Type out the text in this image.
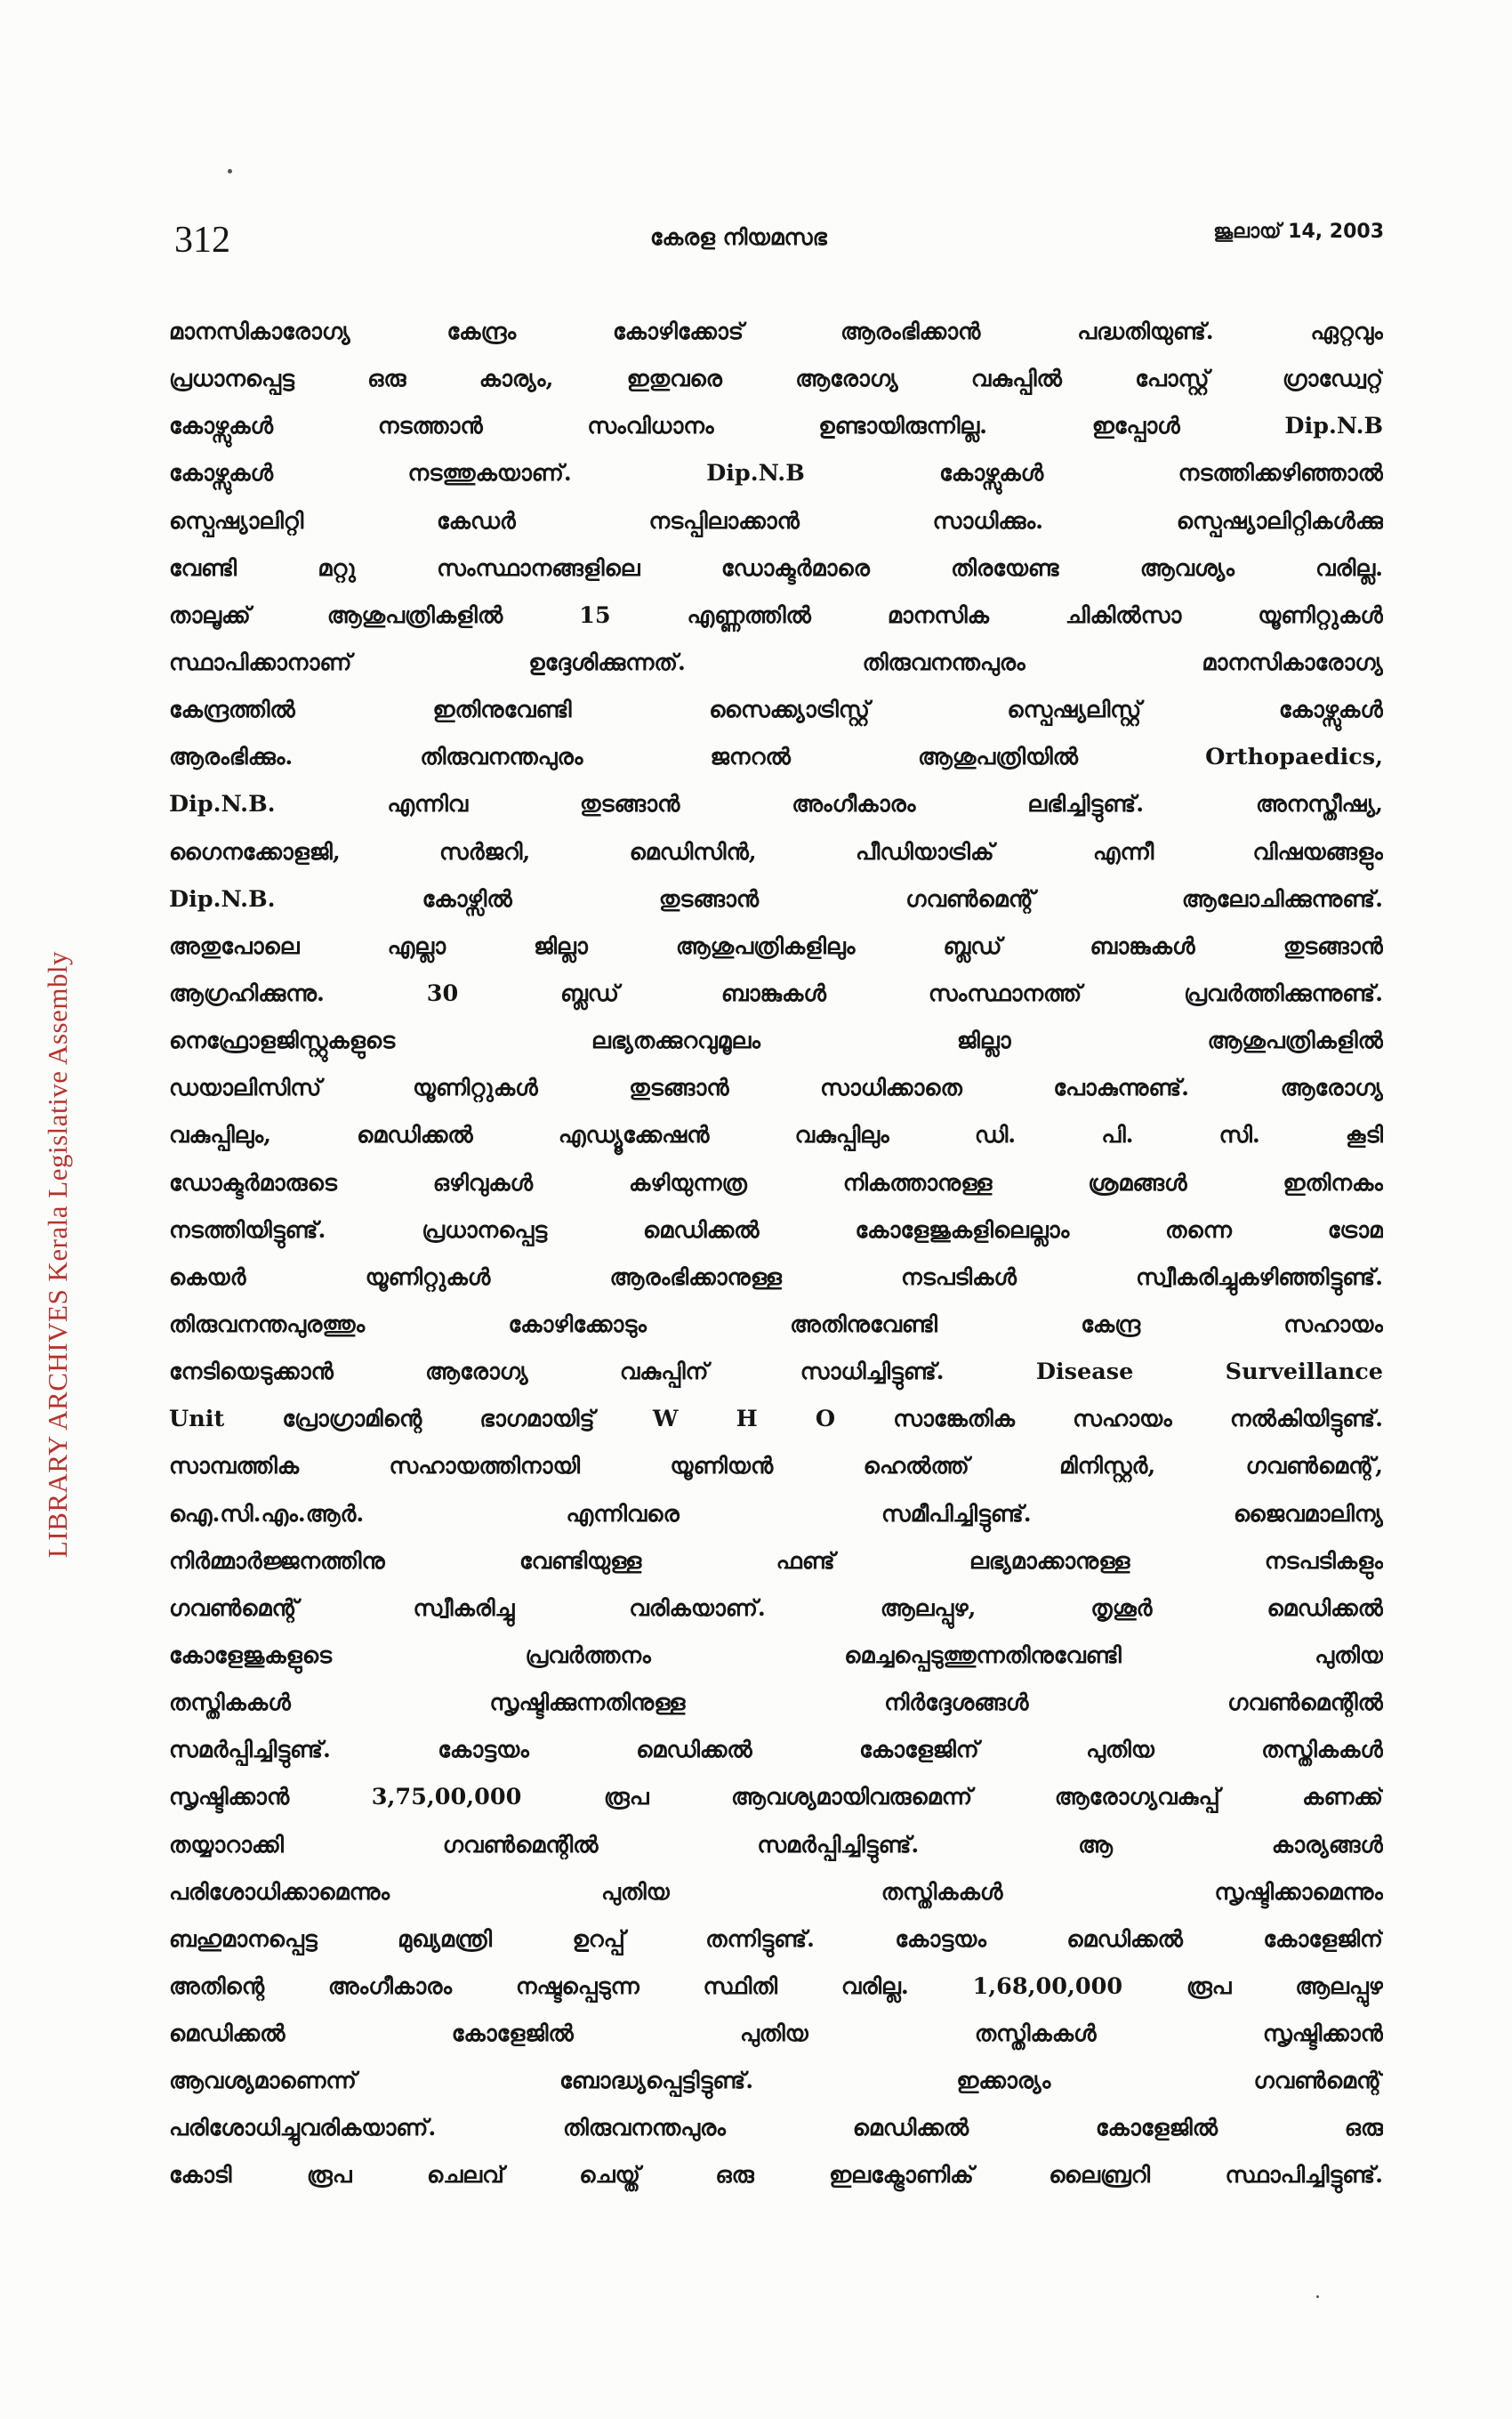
LIBRARY ARCHIVES Kerala Legislative Assembly
312	കേരള നിയമസഭ	ജൂലായ് 14, 2003
മാനസികാരോഗ്യ കേന്ദ്രം കോഴിക്കോട് ആരംഭിക്കാൻ പദ്ധതിയുണ്ട്. ഏറ്റവും
പ്രധാനപ്പെട്ട ഒരു കാര്യം, ഇതുവരെ ആരോഗ്യ വകുപ്പിൽ പോസ്റ്റ് ഗ്രാഡ്വേറ്റ്
കോഴ്സുകൾ നടത്താൻ സംവിധാനം ഉണ്ടായിരുന്നില്ല. ഇപ്പോൾ Dip.N.B
കോഴ്സുകൾ നടത്തുകയാണ്. Dip.N.B കോഴ്സുകൾ നടത്തിക്കഴിഞ്ഞാൽ
സ്പെഷ്യാലിറ്റി കേഡർ നടപ്പിലാക്കാൻ സാധിക്കും. സ്പെഷ്യാലിറ്റികൾക്കു
വേണ്ടി മറ്റു സംസ്ഥാനങ്ങളിലെ ഡോക്ടർമാരെ തിരയേണ്ട ആവശ്യം വരില്ല.
താലൂക്ക് ആശുപത്രികളിൽ 15 എണ്ണത്തിൽ മാനസിക ചികിൽസാ യൂണിറ്റുകൾ
സ്ഥാപിക്കാനാണ് ഉദ്ദേശിക്കുന്നത്. തിരുവനന്തപുരം മാനസികാരോഗ്യ
കേന്ദ്രത്തിൽ ഇതിനുവേണ്ടി സൈക്ക്യാട്രിസ്റ്റ് സ്പെഷ്യലിസ്റ്റ് കോഴ്സുകൾ
ആരംഭിക്കും. തിരുവനന്തപുരം ജനറൽ ആശുപത്രിയിൽ Orthopaedics,
Dip.N.B. എന്നിവ തുടങ്ങാൻ അംഗീകാരം ലഭിച്ചിട്ടുണ്ട്. അനസ്തീഷ്യ,
ഗൈനക്കോളജി, സർജറി, മെഡിസിൻ, പീഡിയാട്രിക് എന്നീ വിഷയങ്ങളും
Dip.N.B. കോഴ്സിൽ തുടങ്ങാൻ ഗവൺമെന്റ് ആലോചിക്കുന്നുണ്ട്.
അതുപോലെ എല്ലാ ജില്ലാ ആശുപത്രികളിലും ബ്ലഡ് ബാങ്കുകൾ തുടങ്ങാൻ
ആഗ്രഹിക്കുന്നു. 30 ബ്ലഡ് ബാങ്കുകൾ സംസ്ഥാനത്ത് പ്രവർത്തിക്കുന്നുണ്ട്.
നെഫ്രോളജിസ്റ്റുകളുടെ ലഭ്യതക്കുറവുമൂലം ജില്ലാ ആശുപത്രികളിൽ
ഡയാലിസിസ് യൂണിറ്റുകൾ തുടങ്ങാൻ സാധിക്കാതെ പോകുന്നുണ്ട്. ആരോഗ്യ
വകുപ്പിലും, മെഡിക്കൽ എഡ്യൂക്കേഷൻ വകുപ്പിലും ഡി. പി. സി. കൂടി
ഡോക്ടർമാരുടെ ഒഴിവുകൾ കഴിയുന്നത്ര നികത്താനുള്ള ശ്രമങ്ങൾ ഇതിനകം
നടത്തിയിട്ടുണ്ട്. പ്രധാനപ്പെട്ട മെഡിക്കൽ കോളേജുകളിലെല്ലാം തന്നെ ട്രോമ
കെയർ യൂണിറ്റുകൾ ആരംഭിക്കാനുള്ള നടപടികൾ സ്വീകരിച്ചുകഴിഞ്ഞിട്ടുണ്ട്.
തിരുവനന്തപുരത്തും കോഴിക്കോടും അതിനുവേണ്ടി കേന്ദ്ര സഹായം
നേടിയെടുക്കാൻ ആരോഗ്യ വകുപ്പിന് സാധിച്ചിട്ടുണ്ട്. Disease Surveillance
Unit പ്രോഗ്രാമിന്റെ ഭാഗമായിട്ട് W H O സാങ്കേതിക സഹായം നൽകിയിട്ടുണ്ട്.
സാമ്പത്തിക സഹായത്തിനായി യൂണിയൻ ഹെൽത്ത് മിനിസ്റ്റർ, ഗവൺമെന്റ്,
ഐ.സി.എം.ആർ. എന്നിവരെ സമീപിച്ചിട്ടുണ്ട്. ജൈവമാലിന്യ
നിർമ്മാർജ്ജനത്തിനു വേണ്ടിയുള്ള ഫണ്ട് ലഭ്യമാക്കാനുള്ള നടപടികളും
ഗവൺമെന്റ് സ്വീകരിച്ചു വരികയാണ്. ആലപ്പുഴ, തൃശൂർ മെഡിക്കൽ
കോളേജുകളുടെ പ്രവർത്തനം മെച്ചപ്പെടുത്തുന്നതിനുവേണ്ടി പുതിയ
തസ്തികകൾ സൃഷ്ടിക്കുന്നതിനുള്ള നിർദ്ദേശങ്ങൾ ഗവൺമെന്റിൽ
സമർപ്പിച്ചിട്ടുണ്ട്. കോട്ടയം മെഡിക്കൽ കോളേജിന് പുതിയ തസ്തികകൾ
സൃഷ്ടിക്കാൻ 3,75,00,000 രൂപ ആവശ്യമായിവരുമെന്ന് ആരോഗ്യവകുപ്പ് കണക്ക്
തയ്യാറാക്കി ഗവൺമെന്റിൽ സമർപ്പിച്ചിട്ടുണ്ട്. ആ കാര്യങ്ങൾ
പരിശോധിക്കാമെന്നും പുതിയ തസ്തികകൾ സൃഷ്ടിക്കാമെന്നും
ബഹുമാനപ്പെട്ട മുഖ്യമന്ത്രി ഉറപ്പ് തന്നിട്ടുണ്ട്. കോട്ടയം മെഡിക്കൽ കോളേജിന്
അതിന്റെ അംഗീകാരം നഷ്ടപ്പെടുന്ന സ്ഥിതി വരില്ല. 1,68,00,000 രൂപ ആലപ്പുഴ
മെഡിക്കൽ കോളേജിൽ പുതിയ തസ്തികകൾ സൃഷ്ടിക്കാൻ
ആവശ്യമാണെന്ന് ബോദ്ധ്യപ്പെട്ടിട്ടുണ്ട്. ഇക്കാര്യം ഗവൺമെന്റ്
പരിശോധിച്ചുവരികയാണ്. തിരുവനന്തപുരം മെഡിക്കൽ കോളേജിൽ ഒരു
കോടി രൂപ ചെലവ് ചെയ്ത് ഒരു ഇലക്ട്രോണിക് ലൈബ്രറി സ്ഥാപിച്ചിട്ടുണ്ട്.
